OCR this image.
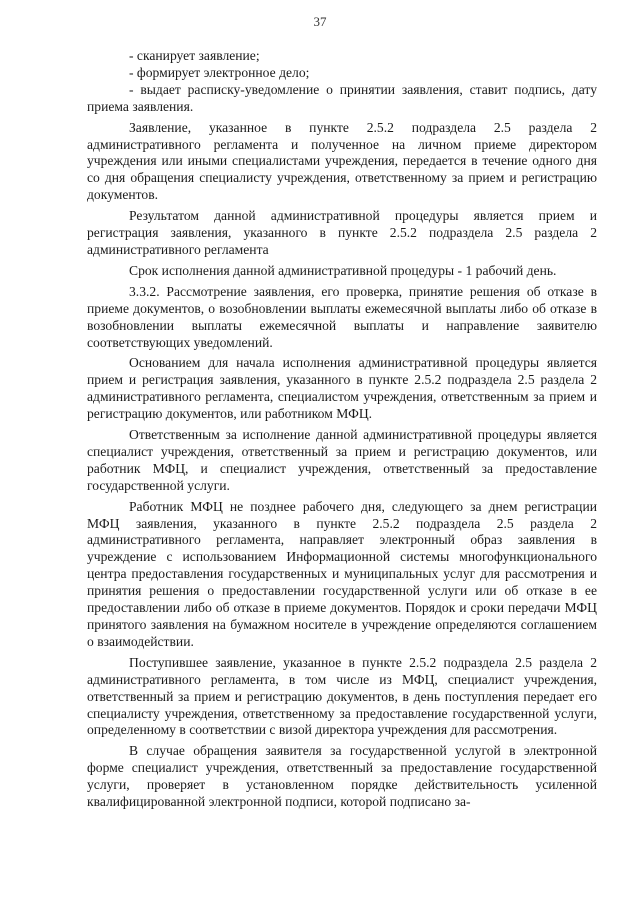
37

- сканирует заявление;

- формирует электронное дело;

- выдает расписку-уведомление о принятии заявления, ставит подпись, дату приема заявления.

Заявление, указанное в пункте 2.5.2 подраздела 2.5 раздела 2 административного регламента и полученное на личном приеме директором учреждения или иными специалистами учреждения, передается в течение одного дня со дня обращения специалисту учреждения, ответственному за прием и регистрацию документов.

Результатом данной административной процедуры является прием и регистрация заявления, указанного в пункте 2.5.2 подраздела 2.5 раздела 2 административного регламента

Срок исполнения данной административной процедуры - 1 рабочий день.

3.3.2. Рассмотрение заявления, его проверка, принятие решения об отказе в приеме документов, о возобновлении выплаты ежемесячной выплаты либо об отказе в возобновлении выплаты ежемесячной выплаты и направление заявителю соответствующих уведомлений.

Основанием для начала исполнения административной процедуры является прием и регистрация заявления, указанного в пункте 2.5.2 подраздела 2.5 раздела 2 административного регламента, специалистом учреждения, ответственным за прием и регистрацию документов, или работником МФЦ.

Ответственным за исполнение данной административной процедуры является специалист учреждения, ответственный за прием и регистрацию документов, или работник МФЦ, и специалист учреждения, ответственный за предоставление государственной услуги.

Работник МФЦ не позднее рабочего дня, следующего за днем регистрации МФЦ заявления, указанного в пункте 2.5.2 подраздела 2.5 раздела 2 административного регламента, направляет электронный образ заявления в учреждение с использованием Информационной системы многофункционального центра предоставления государственных и муниципальных услуг для рассмотрения и принятия решения о предоставлении государственной услуги или об отказе в ее предоставлении либо об отказе в приеме документов. Порядок и сроки передачи МФЦ принятого заявления на бумажном носителе в учреждение определяются соглашением о взаимодействии.

Поступившее заявление, указанное в пункте 2.5.2 подраздела 2.5 раздела 2 административного регламента, в том числе из МФЦ, специалист учреждения, ответственный за прием и регистрацию документов, в день поступления передает его специалисту учреждения, ответственному за предоставление государственной услуги, определенному в соответствии с визой директора учреждения для рассмотрения.

В случае обращения заявителя за государственной услугой в электронной форме специалист учреждения, ответственный за предоставление государственной услуги, проверяет в установленном порядке действительность усиленной квалифицированной электронной подписи, которой подписано за-
